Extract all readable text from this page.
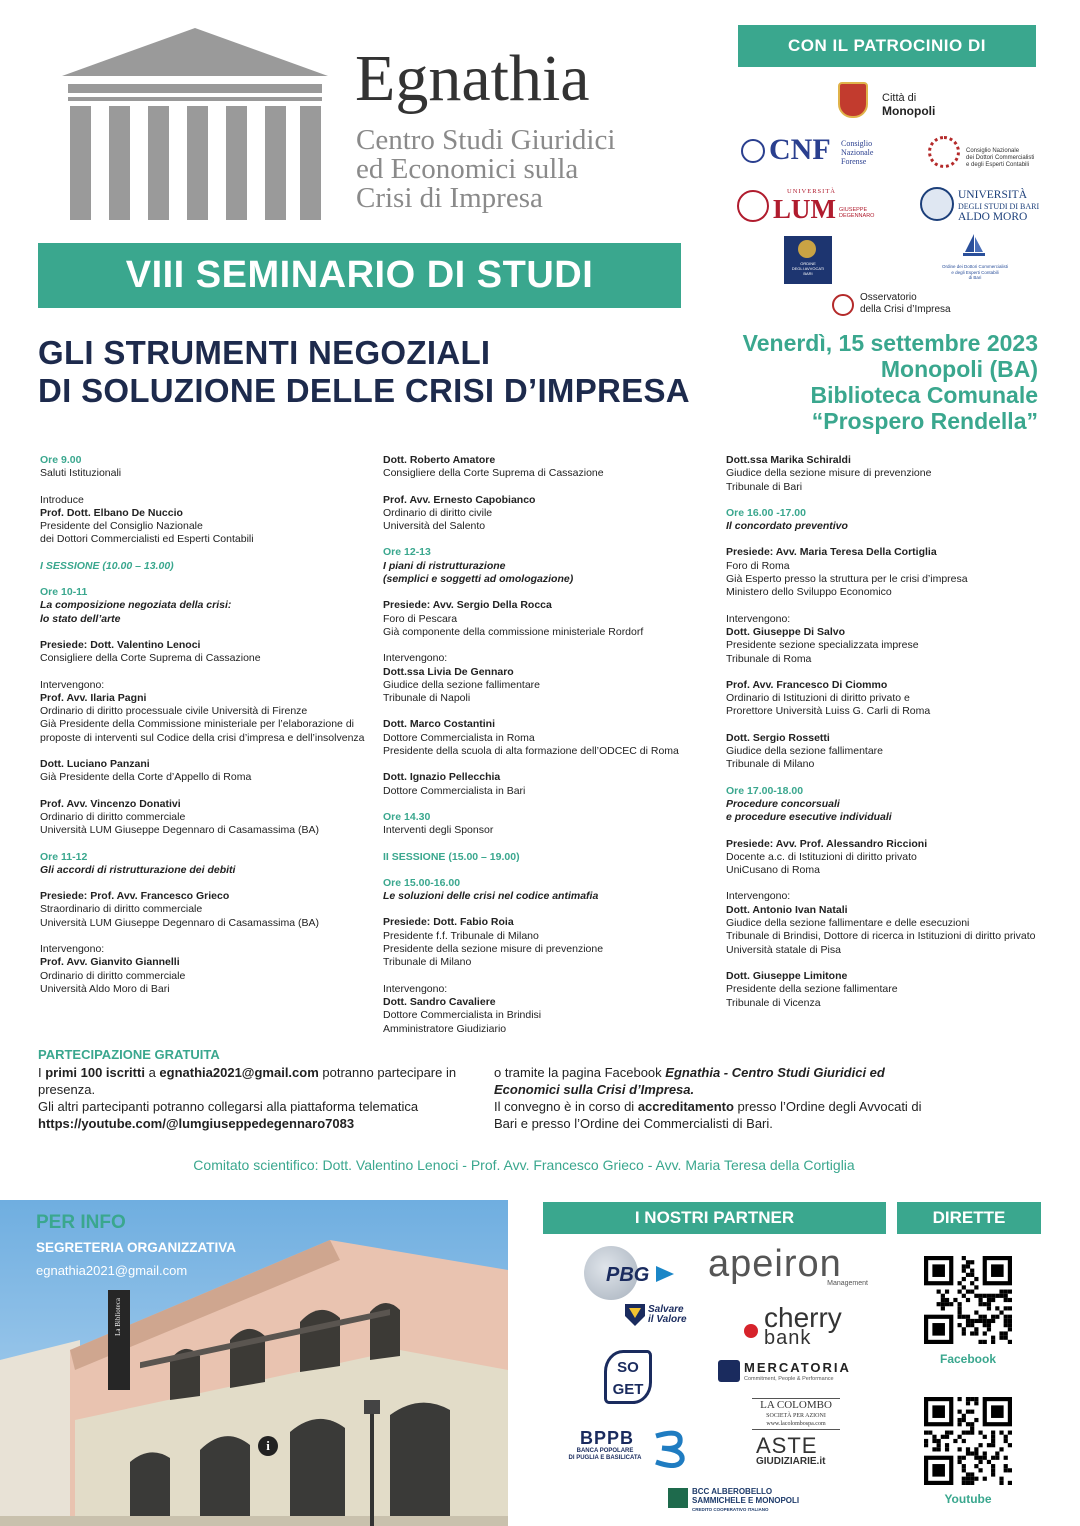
Egnathia
Centro Studi Giuridici
ed Economici sulla
Crisi di Impresa
VIII SEMINARIO DI STUDI
GLI STRUMENTI NEGOZIALI
DI SOLUZIONE DELLE CRISI D’IMPRESA
CON IL PATROCINIO DI
Città di
Monopoli
CNF Consiglio
Nazionale
Forense
Consiglio Nazionale
dei Dottori Commercialisti
e degli Esperti Contabili
UNIVERSITÀ
LUM GIUSEPPE
DEGENNARO
UNIVERSITÀ
DEGLI STUDI DI BARI
ALDO MORO
ORDINE
DEGLI AVVOCATI
BARI
Ordine dei Dottori Commercialisti
e degli Esperti Contabili
di Bari
Osservatorio
della Crisi d’Impresa
Venerdì, 15 settembre 2023
Monopoli (BA)
Biblioteca Comunale
“Prospero Rendella”
Ore 9.00
Saluti Istituzionali
Introduce
Prof. Dott. Elbano De Nuccio
Presidente del Consiglio Nazionale
dei Dottori Commercialisti ed Esperti Contabili
I SESSIONE (10.00 – 13.00)
Ore 10-11
La composizione negoziata della crisi:
lo stato dell’arte
Presiede: Dott. Valentino Lenoci
Consigliere della Corte Suprema di Cassazione
Intervengono:
Prof. Avv. Ilaria Pagni
Ordinario di diritto processuale civile Università di Firenze
Già Presidente della Commissione ministeriale per l’elaborazione di
proposte di interventi sul Codice della crisi d’impresa e dell’insolvenza
Dott. Luciano Panzani
Già Presidente della Corte d’Appello di Roma
Prof. Avv. Vincenzo Donativi
Ordinario di diritto commerciale
Università LUM Giuseppe Degennaro di Casamassima (BA)
Ore 11-12
Gli accordi di ristrutturazione dei debiti
Presiede: Prof. Avv. Francesco Grieco
Straordinario di diritto commerciale
Università LUM Giuseppe Degennaro di Casamassima (BA)
Intervengono:
Prof. Avv. Gianvito Giannelli
Ordinario di diritto commerciale
Università Aldo Moro di Bari
Dott. Roberto Amatore
Consigliere della Corte Suprema di Cassazione
Prof. Avv. Ernesto Capobianco
Ordinario di diritto civile
Università del Salento
Ore 12-13
I piani di ristrutturazione
(semplici e soggetti ad omologazione)
Presiede: Avv. Sergio Della Rocca
Foro di Pescara
Già componente della commissione ministeriale Rordorf
Intervengono:
Dott.ssa Livia De Gennaro
Giudice della sezione fallimentare
Tribunale di Napoli
Dott. Marco Costantini
Dottore Commercialista in Roma
Presidente della scuola di alta formazione dell’ODCEC di Roma
Dott. Ignazio Pellecchia
Dottore Commercialista in Bari
Ore 14.30
Interventi degli Sponsor
II SESSIONE (15.00 – 19.00)
Ore 15.00-16.00
Le soluzioni delle crisi nel codice antimafia
Presiede: Dott. Fabio Roia
Presidente f.f. Tribunale di Milano
Presidente della sezione misure di prevenzione
Tribunale di Milano
Intervengono:
Dott. Sandro Cavaliere
Dottore Commercialista in Brindisi
Amministratore Giudiziario
Dott.ssa Marika Schiraldi
Giudice della sezione misure di prevenzione
Tribunale di Bari
Ore 16.00 -17.00
Il concordato preventivo
Presiede: Avv. Maria Teresa Della Cortiglia
Foro di Roma
Già Esperto presso la struttura per le crisi d’impresa
Ministero dello Sviluppo Economico
Intervengono:
Dott. Giuseppe Di Salvo
Presidente sezione specializzata imprese
Tribunale di Roma
Prof. Avv. Francesco Di Ciommo
Ordinario di Istituzioni di diritto privato e
Prorettore Università Luiss G. Carli di Roma
Dott. Sergio Rossetti
Giudice della sezione fallimentare
Tribunale di Milano
Ore 17.00-18.00
Procedure concorsuali
e procedure esecutive individuali
Presiede: Avv. Prof. Alessandro Riccioni
Docente a.c. di Istituzioni di diritto privato
UniCusano di Roma
Intervengono:
Dott. Antonio Ivan Natali
Giudice della sezione fallimentare e delle esecuzioni
Tribunale di Brindisi, Dottore di ricerca in Istituzioni di diritto privato
Università statale di Pisa
Dott. Giuseppe Limitone
Presidente della sezione fallimentare
Tribunale di Vicenza
PARTECIPAZIONE GRATUITA
I primi 100 iscritti a egnathia2021@gmail.com potranno partecipare in
presenza.
Gli altri partecipanti potranno collegarsi alla piattaforma telematica
https://youtube.com/@lumgiuseppedegennaro7083
o tramite la pagina Facebook Egnathia - Centro Studi Giuridici ed
Economici sulla Crisi d’Impresa.
Il convegno è in corso di accreditamento presso l’Ordine degli Avvocati di
Bari e presso l’Ordine dei Commercialisti di Bari.
Comitato scientifico: Dott. Valentino Lenoci - Prof. Avv. Francesco Grieco - Avv. Maria Teresa della Cortiglia
La Biblioteca
i
PER INFO
SEGRETERIA ORGANIZZATIVA
egnathia2021@gmail.com
I NOSTRI PARTNER	DIRETTE
PBG
Salvare
il Valore
apeiron
Management
cherry
bank
SO GET
MERCATORIA
Commitment, People & Performance
LA COLOMBO
SOCIETÀ PER AZIONI
www.lacolombospa.com
BPPB
BANCA POPOLARE
DI PUGLIA E BASILICATA	ASTE
GIUDIZIARIE.it
BCC ALBEROBELLO
SAMMICHELE E MONOPOLI
CREDITO COOPERATIVO ITALIANO
Facebook
Youtube
